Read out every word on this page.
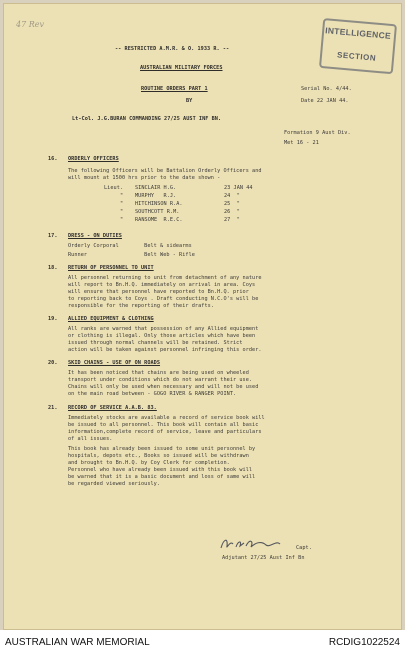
47 Rev
INTELLIGENCE
SECTION
-- RESTRICTED A.M.R. & O. 1933 R. --
AUSTRALIAN MILITARY FORCES
ROUTINE ORDERS PART 1	Serial No. 4/44.
BY	Date 22 JAN 44.
Lt-Col. J.G.BURAN COMMANDING 27/25 AUST INF BN.
Formation 9 Aust Div.
Met 16 - 21
16. ORDERLY OFFICERS
The following Officers will be Battalion Orderly Officers and
will mount at 1500 hrs prior to the date shown -
Lieut. SINCLAIR H.G.	23 JAN 44
" MURPHY   R.J.	24  "
" HITCHINSON R.A.	25  "
" SOUTHCOTT R.M.	26  "
" RANSOME  R.E.C.	27  "
17. DRESS - ON DUTIES
Orderly Corporal        Belt & sidearms
Runner                  Belt Web - Rifle
18. RETURN OF PERSONNEL TO UNIT
All personnel returning to unit from detachment of any nature
will report to Bn.H.Q. immediately on arrival in area. Coys
will ensure that personnel have reported to Bn.H.Q. prior
to reporting back to Coys . Draft conducting N.C.O's will be
responsible for the reporting of their drafts.
19. ALLIED EQUIPMENT & CLOTHING
All ranks are warned that possession of any Allied equipment
or clothing is illegal. Only those articles which have been
issued through normal channels will be retained. Strict
action will be taken against personnel infringing this order.
20. SKID CHAINS - USE OF ON ROADS
It has been noticed that chains are being used on wheeled
transport under conditions which do not warrant their use.
Chains will only be used when necessary and will not be used
on the main road between - GOGO RIVER & RANGER POINT.
21. RECORD OF SERVICE A.A.B. 83.
Immediately stocks are available a record of service book will
be issued to all personnel. This book will contain all basic
information,complete record of service, leave and particulars
of all issues.
This book has already been issued to some unit personnel by
hospitals, depots etc., Books so issued will be withdrawn
and brought to Bn.H.Q. by Coy Clerk for completion.
Personnel who have already been issued with this book will
be warned that it is a basic document and loss of same will
be regarded viewed seriously.
Capt.
Adjutant 27/25 Aust Inf Bn
AUSTRALIAN WAR MEMORIAL	RCDIG1022524
